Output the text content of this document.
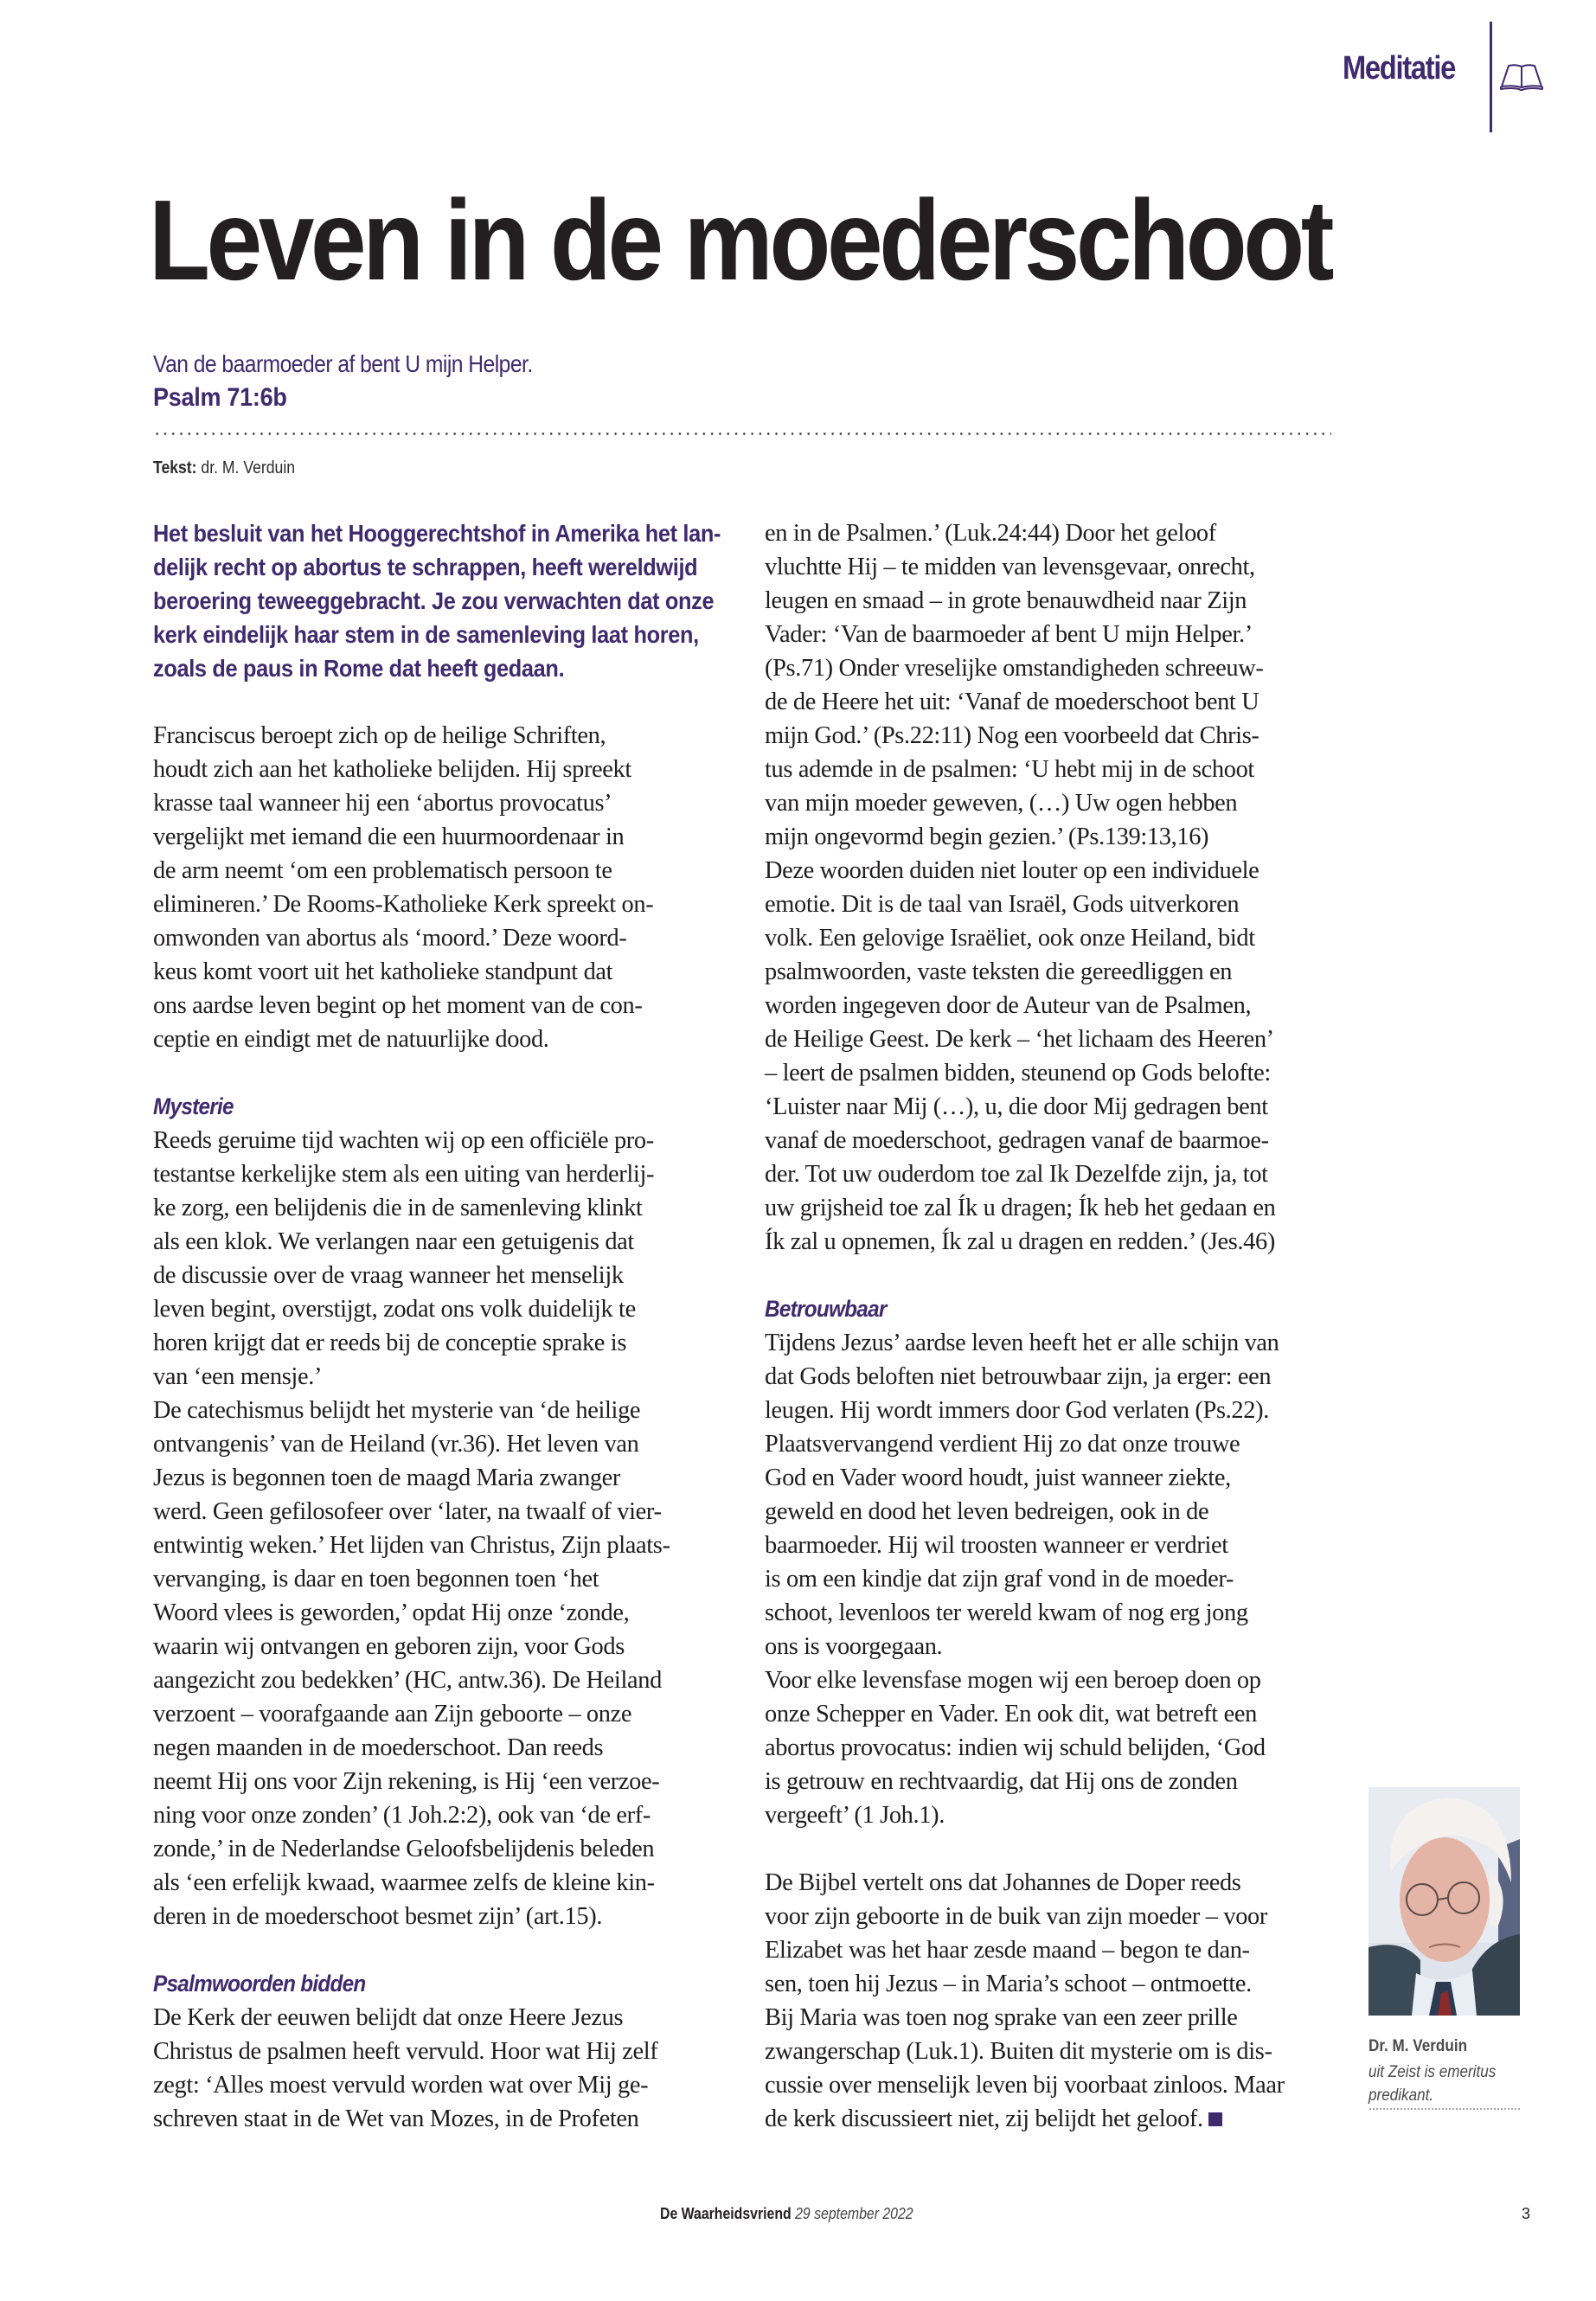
Meditatie
Leven in de moederschoot
Van de baarmoeder af bent U mijn Helper.
Psalm 71:6b
Tekst: dr. M. Verduin
Het besluit van het Hooggerechtshof in Amerika het lan-
delijk recht op abortus te schrappen, heeft wereldwijd
beroering teweeggebracht. Je zou verwachten dat onze
kerk eindelijk haar stem in de samenleving laat horen,
zoals de paus in Rome dat heeft gedaan.
Franciscus beroept zich op de heilige Schriften,
houdt zich aan het katholieke belijden. Hij spreekt
krasse taal wanneer hij een ‘abortus provocatus’
vergelijkt met iemand die een huurmoordenaar in
de arm neemt ‘om een problematisch persoon te
elimineren.’ De Rooms-Katholieke Kerk spreekt on-
omwonden van abortus als ‘moord.’ Deze woord-
keus komt voort uit het katholieke standpunt dat
ons aardse leven begint op het moment van de con-
ceptie en eindigt met de natuurlijke dood.
Mysterie
Reeds geruime tijd wachten wij op een officiële pro-
testantse kerkelijke stem als een uiting van herderlij-
ke zorg, een belijdenis die in de samenleving klinkt
als een klok. We verlangen naar een getuigenis dat
de discussie over de vraag wanneer het menselijk
leven begint, overstijgt, zodat ons volk duidelijk te
horen krijgt dat er reeds bij de conceptie sprake is
van ‘een mensje.’
De catechismus belijdt het mysterie van ‘de heilige
ontvangenis’ van de Heiland (vr.36). Het leven van
Jezus is begonnen toen de maagd Maria zwanger
werd. Geen gefilosofeer over ‘later, na twaalf of vier-
entwintig weken.’ Het lijden van Christus, Zijn plaats-
vervanging, is daar en toen begonnen toen ‘het
Woord vlees is geworden,’ opdat Hij onze ‘zonde,
waarin wij ontvangen en geboren zijn, voor Gods
aangezicht zou bedekken’ (HC, antw.36). De Heiland
verzoent – voorafgaande aan Zijn geboorte – onze
negen maanden in de moederschoot. Dan reeds
neemt Hij ons voor Zijn rekening, is Hij ‘een verzoe-
ning voor onze zonden’ (1 Joh.2:2), ook van ‘de erf-
zonde,’ in de Nederlandse Geloofsbelijdenis beleden
als ‘een erfelijk kwaad, waarmee zelfs de kleine kin-
deren in de moederschoot besmet zijn’ (art.15).
Psalmwoorden bidden
De Kerk der eeuwen belijdt dat onze Heere Jezus
Christus de psalmen heeft vervuld. Hoor wat Hij zelf
zegt: ‘Alles moest vervuld worden wat over Mij ge-
schreven staat in de Wet van Mozes, in de Profeten
en in de Psalmen.’ (Luk.24:44) Door het geloof
vluchtte Hij – te midden van levensgevaar, onrecht,
leugen en smaad – in grote benauwdheid naar Zijn
Vader: ‘Van de baarmoeder af bent U mijn Helper.’
(Ps.71) Onder vreselijke omstandigheden schreeuw-
de de Heere het uit: ‘Vanaf de moederschoot bent U
mijn God.’ (Ps.22:11) Nog een voorbeeld dat Chris-
tus ademde in de psalmen: ‘U hebt mij in de schoot
van mijn moeder geweven, (…) Uw ogen hebben
mijn ongevormd begin gezien.’ (Ps.139:13,16)
Deze woorden duiden niet louter op een individuele
emotie. Dit is de taal van Israël, Gods uitverkoren
volk. Een gelovige Israëliet, ook onze Heiland, bidt
psalmwoorden, vaste teksten die gereedliggen en
worden ingegeven door de Auteur van de Psalmen,
de Heilige Geest. De kerk – ‘het lichaam des Heeren’
– leert de psalmen bidden, steunend op Gods belofte:
‘Luister naar Mij (…), u, die door Mij gedragen bent
vanaf de moederschoot, gedragen vanaf de baarmoe-
der. Tot uw ouderdom toe zal Ik Dezelfde zijn, ja, tot
uw grijsheid toe zal Ík u dragen; Ík heb het gedaan en
Ík zal u opnemen, Ík zal u dragen en redden.’ (Jes.46)
Betrouwbaar
Tijdens Jezus’ aardse leven heeft het er alle schijn van
dat Gods beloften niet betrouwbaar zijn, ja erger: een
leugen. Hij wordt immers door God verlaten (Ps.22).
Plaatsvervangend verdient Hij zo dat onze trouwe
God en Vader woord houdt, juist wanneer ziekte,
geweld en dood het leven bedreigen, ook in de
baarmoeder. Hij wil troosten wanneer er verdriet
is om een kindje dat zijn graf vond in de moeder-
schoot, levenloos ter wereld kwam of nog erg jong
ons is voorgegaan.
Voor elke levensfase mogen wij een beroep doen op
onze Schepper en Vader. En ook dit, wat betreft een
abortus provocatus: indien wij schuld belijden, ‘God
is getrouw en rechtvaardig, dat Hij ons de zonden
vergeeft’ (1 Joh.1).
De Bijbel vertelt ons dat Johannes de Doper reeds
voor zijn geboorte in de buik van zijn moeder – voor
Elizabet was het haar zesde maand – begon te dan-
sen, toen hij Jezus – in Maria’s schoot – ontmoette.
Bij Maria was toen nog sprake van een zeer prille
zwangerschap (Luk.1). Buiten dit mysterie om is dis-
cussie over menselijk leven bij voorbaat zinloos. Maar
de kerk discussieert niet, zij belijdt het geloof.
Dr. M. Verduin
uit Zeist is emeritus predikant.
De Waarheidsvriend 29 september 2022	3
